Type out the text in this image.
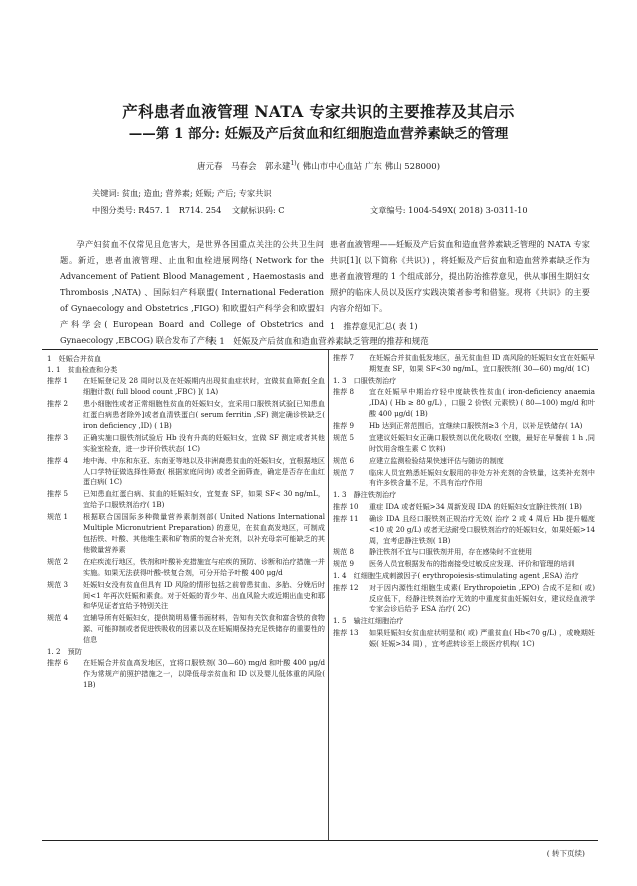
产科患者血液管理 NATA 专家共识的主要推荐及其启示
——第 1 部分: 妊娠及产后贫血和红细胞造血营养素缺乏的管理
唐元春　马春会　郭永建$^{1)}$( 佛山市中心血站 广东 佛山 528000)
关键词: 贫血; 造血; 营养素; 妊娠; 产后; 专家共识
中图分类号: R457. 1　R714. 254 文献标识码: C	文章编号: 1004-549X( 2018) 3-0311-10
孕产妇贫血不仅常见且危害大，是世界各国重点关注的公共卫生问题。新近，患者血液管理、止血和血栓进展网络( Network for the Advancement of Patient Blood Management , Haemostasis and Thrombosis ,NATA) 、国际妇产科联盟( International Federation of Gynaecology and Obstetrics ,FIGO) 和欧盟妇产科学会和欧盟妇产科学会( European Board and College of Obstetrics and Gynaecology ,EBCOG) 联合发布了产科
患者血液管理——妊娠及产后贫血和造血营养素缺乏管理的 NATA 专家共识[1]( 以下简称《共识》) ，将妊娠及产后贫血和造血营养素缺乏作为患者血液管理的 1 个组成部分，提出防治推荐意见，供从事围生期妇女照护的临床人员以及医疗实践决策者参考和借鉴。现将《共识》的主要内容介绍如下。
1　推荐意见汇总( 表 1)
表 1　妊娠及产后贫血和造血营养素缺乏管理的推荐和规范
1　妊娠合并贫血
1. 1　贫血检查和分类
推荐 1	在妊娠登记及 28 周时以及在妊娠期内出现贫血症状时，宜做贫血筛查[全血细胞计数( full blood count ,FBC) ]( 1A)
推荐 2	患小细胞性或者正常细胞性贫血的妊娠妇女，宜采用口服铁剂试验[已知患血红蛋白病患者除外]或者血清铁蛋白( serum ferritin ,SF) 测定确诊铁缺乏( iron deficiency ,ID) ( 1B)
推荐 3	正确实施口服铁剂试验后 Hb 没有升高的妊娠妇女，宜做 SF 测定或者其他实验室检查，进一步评价铁状态( 1C)
推荐 4	地中海、中东和东亚、东南亚等地以及非洲裔患贫血的妊娠妇女，宜根据地区人口学特征做选择性筛查( 根据家庭问询) 或者全面筛查，确定是否存在血红蛋白病( 1C)
推荐 5	已知患血红蛋白病、贫血的妊娠妇女，宜复查 SF，如果 SF< 30 ng/mL，宜给予口服铁剂治疗( 1B)
规范 1	根据联合国国际多种微量营养素制剂部( United Nations International Multiple Micronutrient Preparation) 的意见，在贫血高发地区，可制成包括铁、叶酸、其他维生素和矿物质的复合补充剂，以补充母亲可能缺乏的其他微量营养素
规范 2	在疟疾流行地区，铁剂和叶酸补充措施宜与疟疾的预防、诊断和治疗措施一并实施。如果无法获得叶酸-铁复合剂，可分开给予叶酸 400 μg/d
规范 3	妊娠妇女没有贫血但具有 ID 风险的情形包括之前曾患贫血、多胎、分娩后时间<1 年再次妊娠和素食。对于妊娠的青少年、出血风险大或近期出血史和耶和华见证者宜给予特别关注
规范 4	宜辅导所有妊娠妇女，提供简明易懂书面材料，告知有关饮食和富含铁的食物源、可能抑制或者促进铁吸收的因素以及在妊娠期保持充足铁储存的重要性的信息
1. 2　预防
推荐 6	在妊娠合并贫血高发地区，宜将口服铁剂( 30—60) mg/d 和叶酸 400 μg/d 作为常规产前照护措施之一，以降低母亲贫血和 ID 以及婴儿低体重的风险( 1B)
推荐 7	在妊娠合并贫血低发地区，虽无贫血但 ID 高风险的妊娠妇女宜在妊娠早期复查 SF，如果 SF<30 ng/mL，宜口服铁剂( 30—60) mg/d( 1C)
1. 3　口服铁剂治疗
推荐 8	宜在妊娠早中期治疗轻中度缺铁性贫血( iron-deficiency anaemia ,IDA) ( Hb ≥ 80 g/L) ，口服 2 价铁( 元素铁) ( 80—100) mg/d 和叶酸 400 μg/d( 1B)
推荐 9	Hb 达到正常范围后，宜继续口服铁剂≥3 个月，以补足铁储存( 1A)
规范 5	宜建议妊娠妇女正确口服铁剂以优化吸收( 空腹，最好在早餐前 1 h ,同时饮用含维生素 C 饮料)
规范 6	应建立监测检验结果快速评估与随访的制度
规范 7	临床人员宜熟悉妊娠妇女服用的非处方补充剂的含铁量，这类补充剂中有许多铁含量不足，不具有治疗作用
1. 3　静注铁剂治疗
推荐 10	重症 IDA 或者妊娠>34 周新发现 IDA 的妊娠妇女宜静注铁剂( 1B)
推荐 11	确诊 IDA 且经口服铁剂正规治疗无效( 治疗 2 或 4 周后 Hb 提升幅度<10 或 20 g/L) 或者无法耐受口服铁剂治疗的妊娠妇女，如果妊娠>14 周，宜考虑静注铁剂( 1B)
规范 8	静注铁剂不宜与口服铁剂并用，存在感染时不宜使用
规范 9	医务人员宜根据发布的指南接受过敏反应发现、评价和管理的培训
1. 4　红细胞生成刺激因子( erythropoiesis-stimulating agent ,ESA) 治疗
推荐 12	对于因内源性红细胞生成素( Erythropoietin ,EPO) 合成不足和( 或) 反应低下，经静注铁剂治疗无效的中重度贫血妊娠妇女，建议经血液学专家会诊后给予 ESA 治疗( 2C)
1. 5　输注红细胞治疗
推荐 13	如果妊娠妇女贫血症状明显和( 或) 严重贫血( Hb<70 g/L) ，或晚期妊娠( 妊娠>34 周) ，宜考虑转诊至上级医疗机构( 1C)
( 转下页续)
